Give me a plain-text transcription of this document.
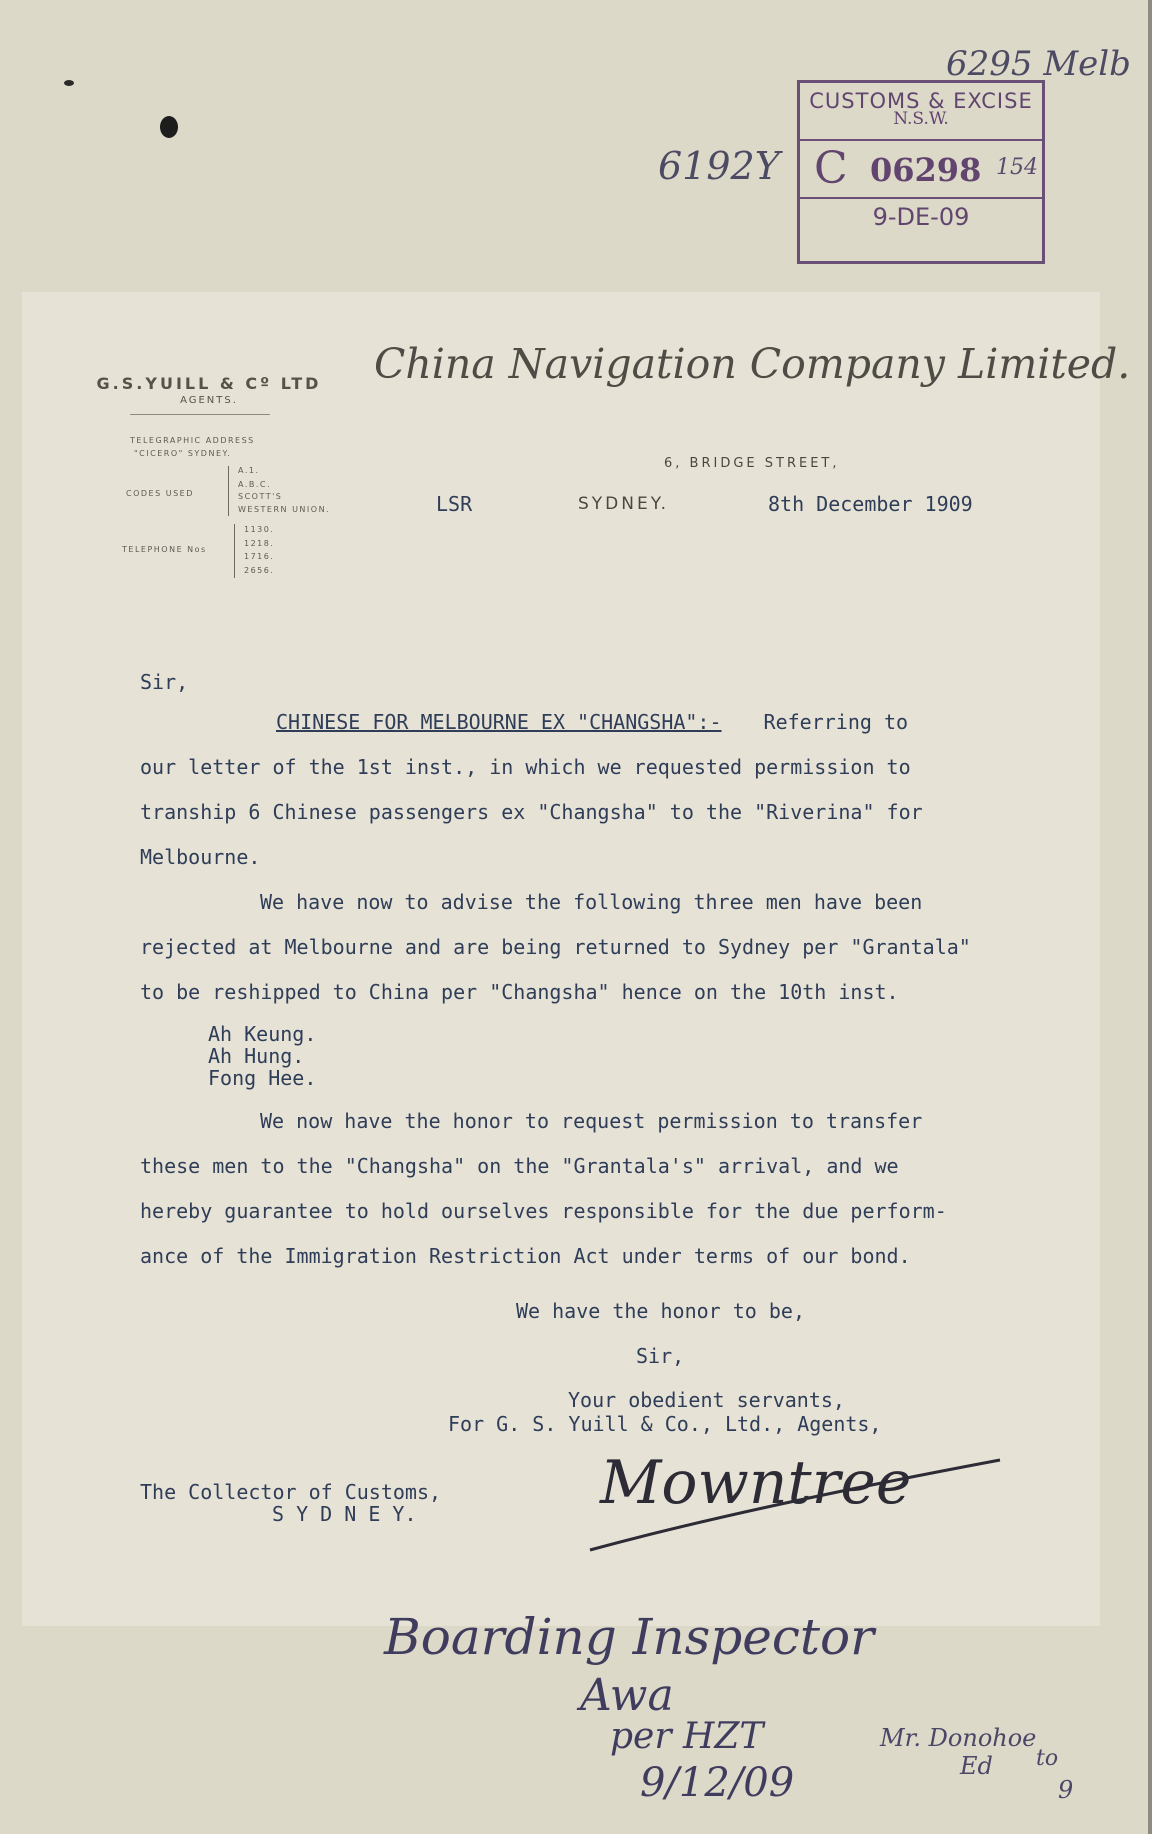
6295 Melb
6192Y
CUSTOMS & EXCISE
N.S.W.
C 06298 154
9-DE-09
G.S.YUILL & Cº LTD
AGENTS.
TELEGRAPHIC ADDRESS
"CICERO" SYDNEY.
CODES USED
A.1.
A.B.C.
SCOTT'S
WESTERN UNION.
TELEPHONE Nos
1130.
1218.
1716.
2656.
China Navigation Company Limited.
6, BRIDGE STREET,
LSR	SYDNEY.	8th December 1909
Sir,
CHINESE FOR MELBOURNE EX "CHANGSHA":- Referring to
our letter of the 1st inst., in which we requested permission to
tranship 6 Chinese passengers ex "Changsha" to the "Riverina" for
Melbourne.
We have now to advise the following three men have been
rejected at Melbourne and are being returned to Sydney per "Grantala"
to be reshipped to China per "Changsha" hence on the 10th inst.
Ah Keung.
Ah Hung.
Fong Hee.
We now have the honor to request permission to transfer
these men to the "Changsha" on the "Grantala's" arrival, and we
hereby guarantee to hold ourselves responsible for the due perform-
ance of the Immigration Restriction Act under terms of our bond.
We have the honor to be,
Sir,
Your obedient servants,
For G. S. Yuill & Co., Ltd., Agents,
The Collector of Customs,
S Y D N E Y.	Mowntree
Boarding Inspector
Awa
per HZT
9/12/09
Mr. Donohoe
Ed to
9
